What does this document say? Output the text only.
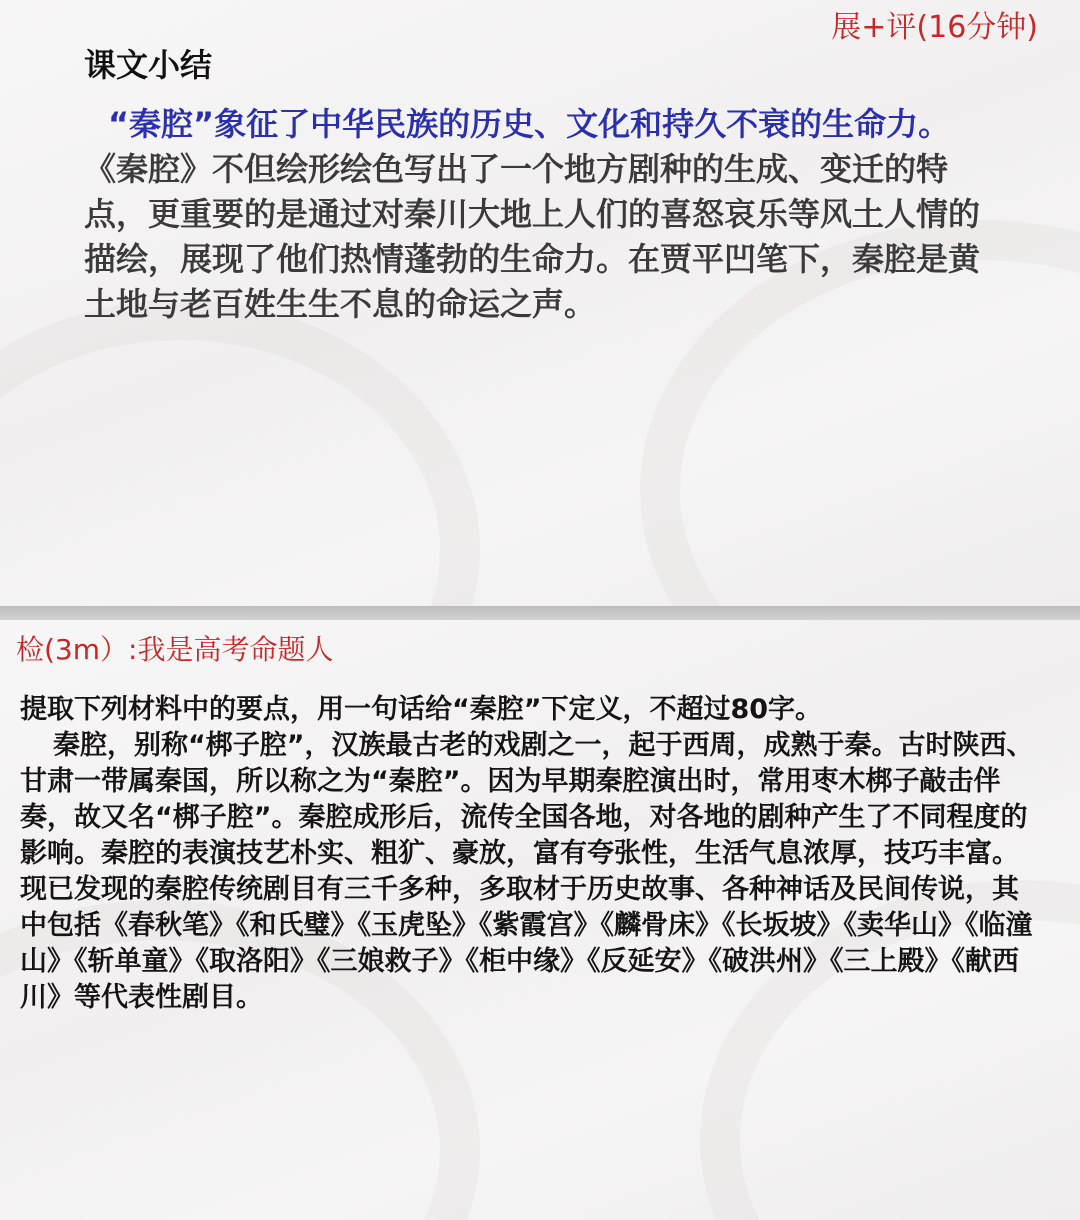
展+评(16分钟)
课文小结
“秦腔”象征了中华民族的历史、文化和持久不衰的生命力。《秦腔》不但绘形绘色写出了一个地方剧种的生成、变迁的特点，更重要的是通过对秦川大地上人们的喜怒哀乐等风土人情的描绘，展现了他们热情蓬勃的生命力。在贾平凹笔下，秦腔是黄土地与老百姓生生不息的命运之声。
检(3m）:我是高考命题人

提取下列材料中的要点，用一句话给“秦腔”下定义，不超过80字。

秦腔，别称“梆子腔”，汉族最古老的戏剧之一，起于西周，成熟于秦。古时陕西、甘肃一带属秦国，所以称之为“秦腔”。因为早期秦腔演出时，常用枣木梆子敲击伴奏，故又名“梆子腔”。秦腔成形后，流传全国各地，对各地的剧种产生了不同程度的影响。秦腔的表演技艺朴实、粗犷、豪放，富有夸张性，生活气息浓厚，技巧丰富。现已发现的秦腔传统剧目有三千多种，多取材于历史故事、各种神话及民间传说，其中包括《春秋笔》《和氏璧》《玉虎坠》《紫霞宫》《麟骨床》《长坂坡》《卖华山》《临潼山》《斩单童》《取洛阳》《三娘救子》《柜中缘》《反延安》《破洪州》《三上殿》《献西川》等代表性剧目。
